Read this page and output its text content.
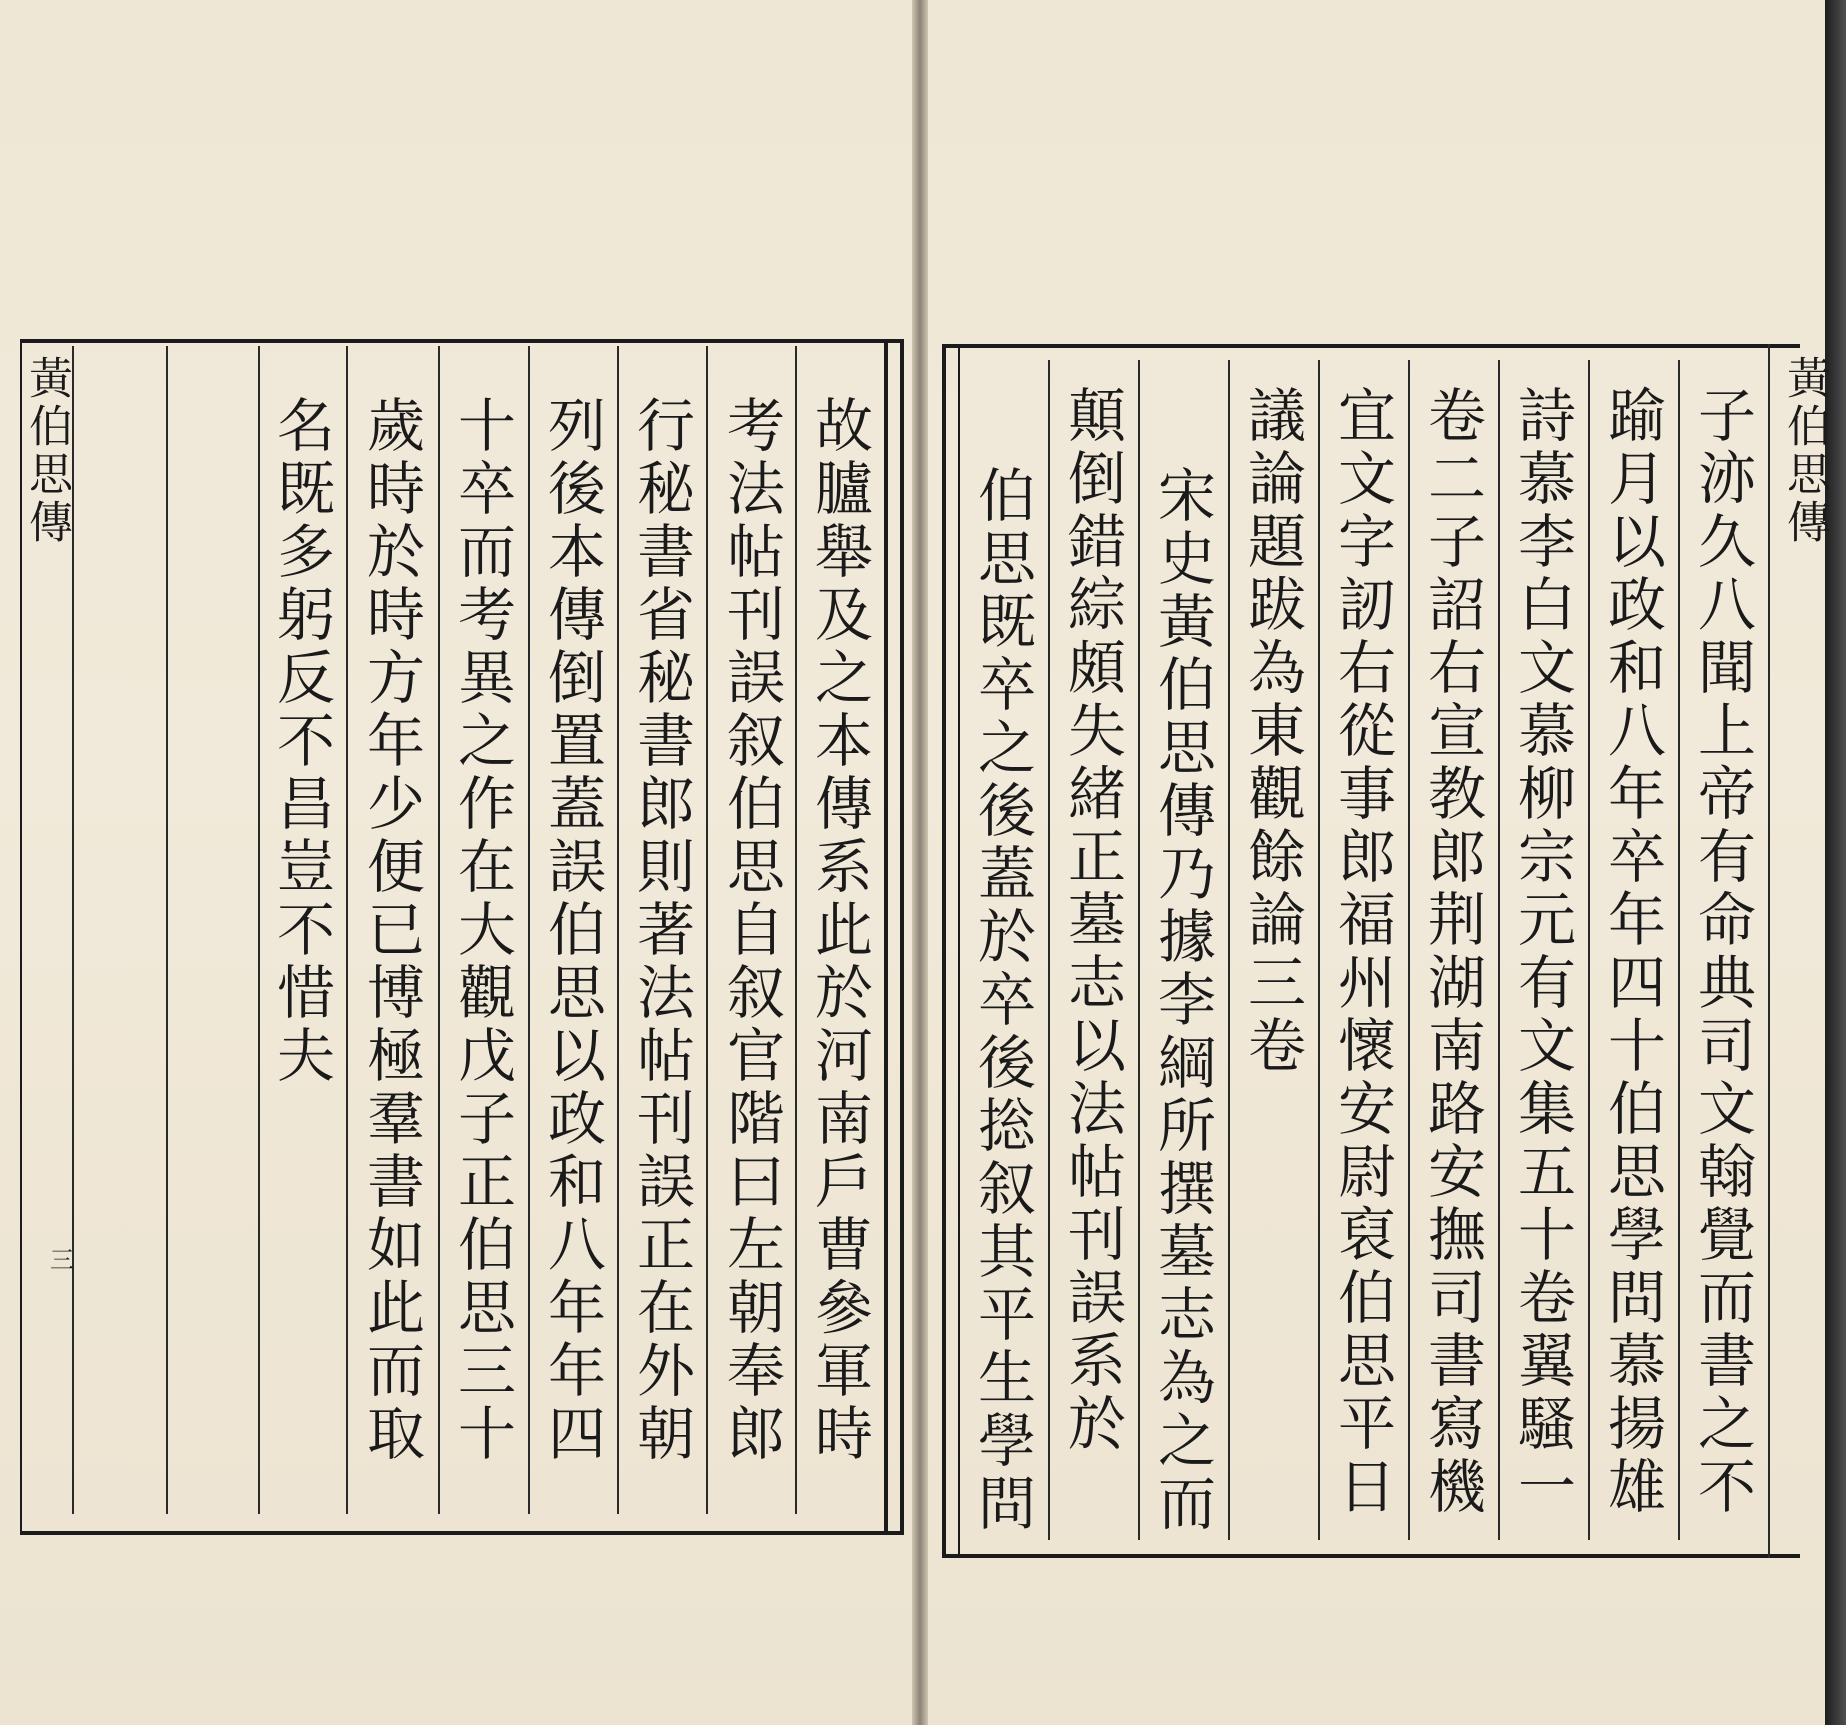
黃伯思傳
三	故臚舉及之本傳系此於河南戶曹參軍時
考法帖刊誤叙伯思自叙官階曰左朝奉郎
行秘書省秘書郎則著法帖刊誤正在外朝
列後本傳倒置蓋誤伯思以政和八年年四
十卒而考異之作在大觀戊子正伯思三十
歲時於時方年少便已博極羣書如此而取
名既多躬反不昌豈不惜夫	黃伯思傳
子洂久八聞上帝有命典司文翰覺而書之不
踰月以政和八年卒年四十伯思學問慕揚雄
詩慕李白文慕柳宗元有文集五十卷翼騷一
卷二子詔右宣教郎荆湖南路安撫司書寫機
宜文字訒右從事郎福州懷安尉裒伯思平日
議論題跋為東觀餘論三卷
宋史黃伯思傳乃據李綱所撰墓志為之而
顛倒錯綜頗失緒正墓志以法帖刊誤系於
伯思既卒之後蓋於卒後捴叙其平生學問
